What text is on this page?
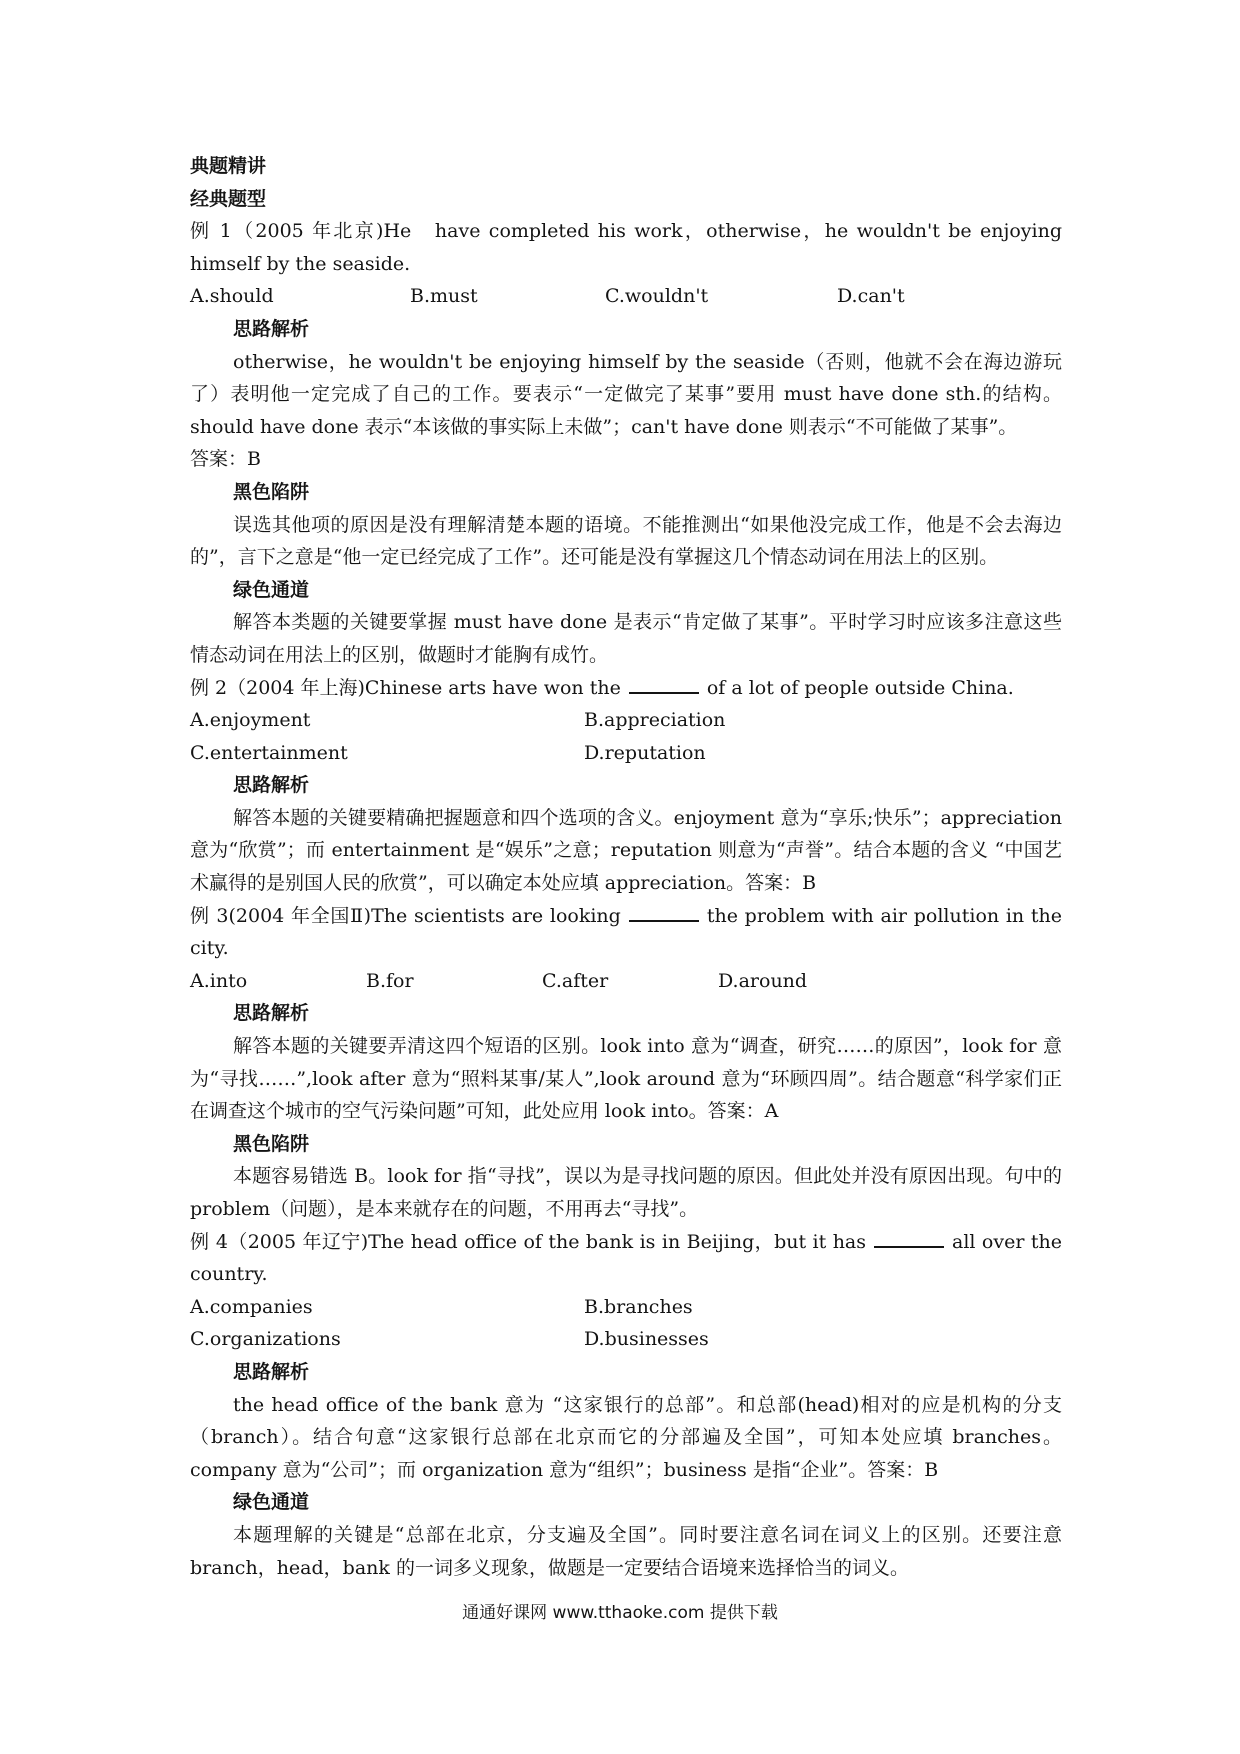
典题精讲

经典题型

例 1（2005 年北京)He　have completed his work，otherwise，he wouldn't be enjoying himself by the seaside.

A.should	B.must	C.wouldn't	D.can't

思路解析

otherwise，he wouldn't be enjoying himself by the seaside（否则，他就不会在海边游玩了）表明他一定完成了自己的工作。要表示“一定做完了某事”要用 must have done sth.的结构。should have done 表示“本该做的事实际上未做”；can't have done 则表示“不可能做了某事”。

答案：B

黑色陷阱

误选其他项的原因是没有理解清楚本题的语境。不能推测出“如果他没完成工作，他是不会去海边的”，言下之意是“他一定已经完成了工作”。还可能是没有掌握这几个情态动词在用法上的区别。

绿色通道

解答本类题的关键要掌握 must have done 是表示“肯定做了某事”。平时学习时应该多注意这些情态动词在用法上的区别，做题时才能胸有成竹。

例 2（2004 年上海)Chinese arts have won the	of a lot of people outside China.

A.enjoyment	B.appreciation
C.entertainment	D.reputation

思路解析

解答本题的关键要精确把握题意和四个选项的含义。enjoyment 意为“享乐;快乐”；appreciation 意为“欣赏”；而 entertainment 是“娱乐”之意；reputation 则意为“声誉”。结合本题的含义 “中国艺术赢得的是别国人民的欣赏”，可以确定本处应填 appreciation。答案：B

例 3(2004 年全国Ⅱ)The scientists are looking	the problem with air pollution in the city.

A.into	B.for	C.after	D.around

思路解析

解答本题的关键要弄清这四个短语的区别。look into 意为“调查，研究……的原因”，look for 意为“寻找……”,look after 意为“照料某事/某人”,look around 意为“环顾四周”。结合题意“科学家们正在调查这个城市的空气污染问题”可知，此处应用 look into。答案：A

黑色陷阱

本题容易错选 B。look for 指“寻找”，误以为是寻找问题的原因。但此处并没有原因出现。句中的 problem（问题），是本来就存在的问题，不用再去“寻找”。

例 4（2005 年辽宁)The head office of the bank is in Beijing，but it has	all over the country.

A.companies	B.branches
C.organizations	D.businesses

思路解析

the head office of the bank 意为 “这家银行的总部”。和总部(head)相对的应是机构的分支（branch）。结合句意“这家银行总部在北京而它的分部遍及全国”，可知本处应填 branches。company 意为“公司”；而 organization 意为“组织”；business 是指“企业”。答案：B

绿色通道

本题理解的关键是“总部在北京，分支遍及全国”。同时要注意名词在词义上的区别。还要注意 branch，head，bank 的一词多义现象，做题是一定要结合语境来选择恰当的词义。

通通好课网 www.tthaoke.com 提供下载
